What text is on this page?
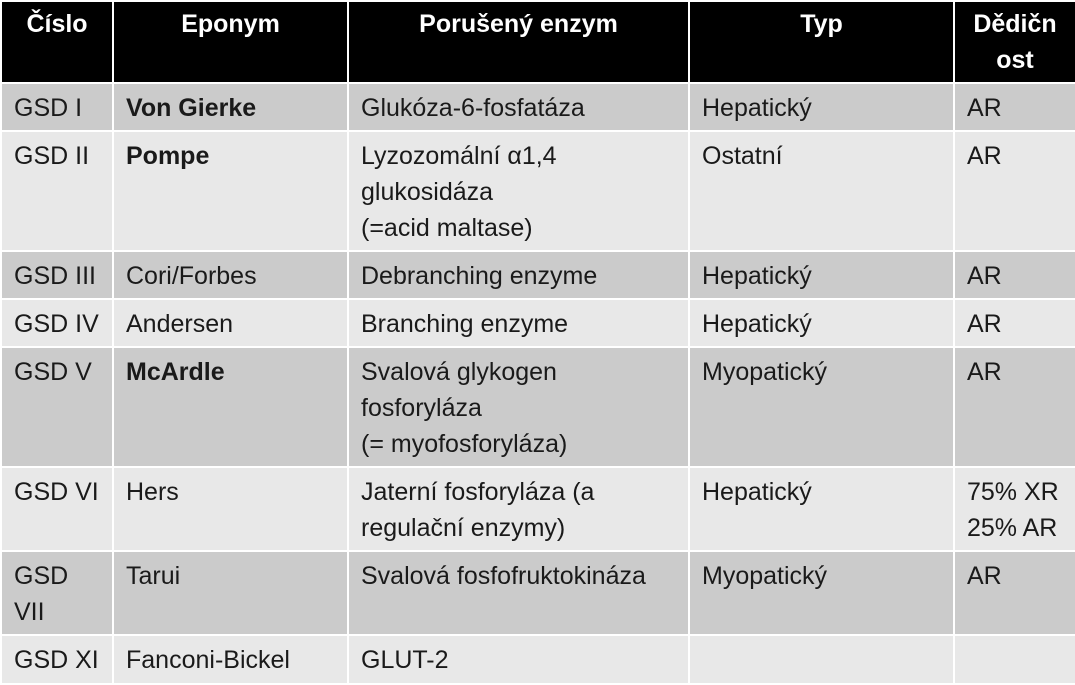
Číslo	Eponym	Porušený enzym	Typ	Dědičn
ost

GSD I	Von Gierke	Glukóza-6-fosfatáza	Hepatický	AR

GSD II	Pompe	Lyzozomální α1,4
glukosidáza
(=acid maltase)	Ostatní	AR

GSD III	Cori/Forbes	Debranching enzyme	Hepatický	AR

GSD IV	Andersen	Branching enzyme	Hepatický	AR

GSD V	McArdle	Svalová glykogen
fosforyláza
(= myofosforyláza)	Myopatický	AR

GSD VI	Hers	Jaterní fosforyláza (a
regulační enzymy)	Hepatický	75% XR
25% AR

GSD
VII	Tarui	Svalová fosfofruktokináza	Myopatický	AR

GSD XI	Fanconi-Bickel	GLUT-2		
